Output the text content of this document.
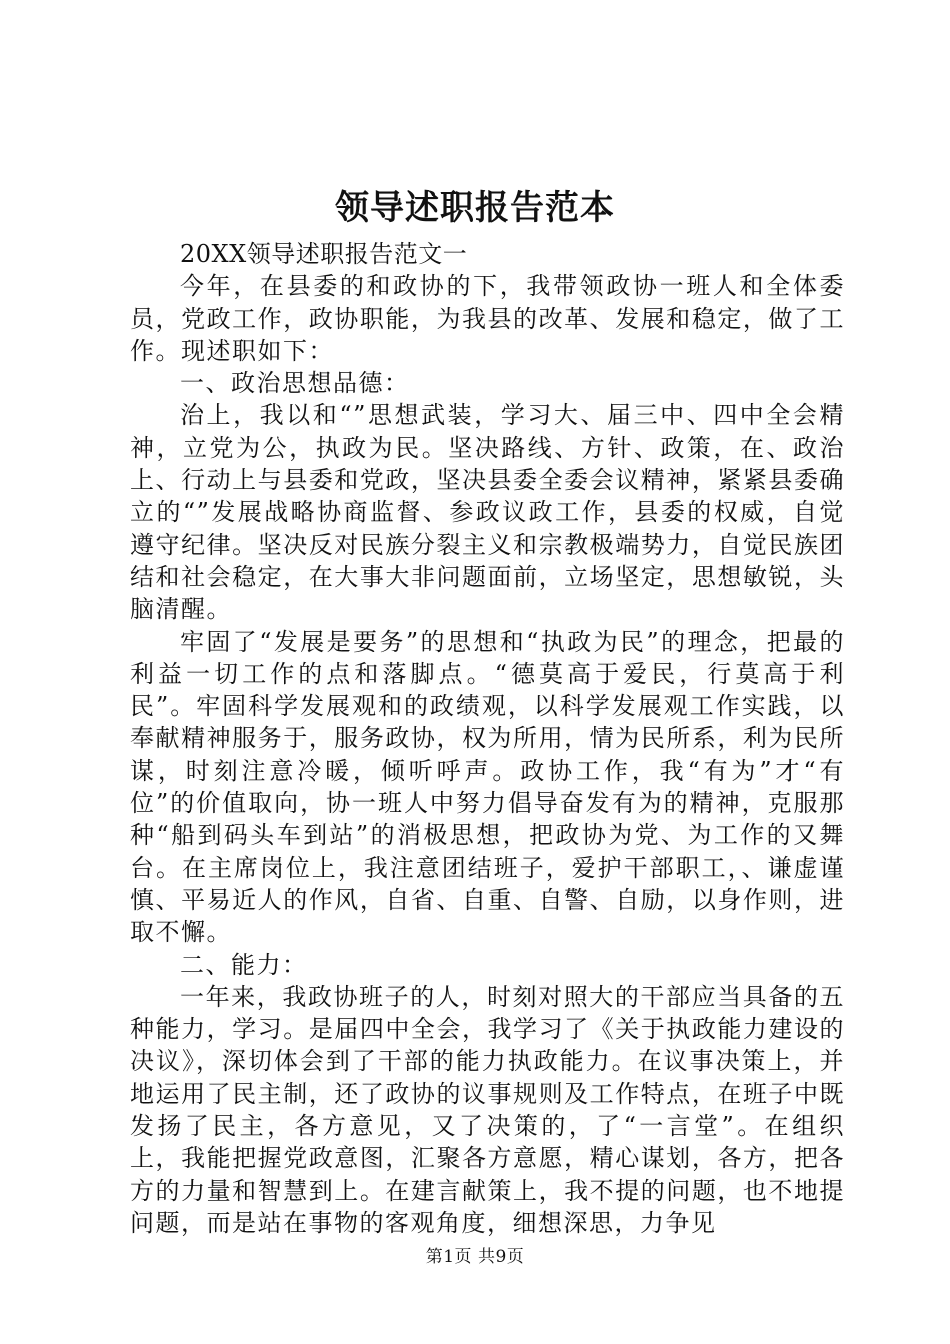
领导述职报告范本

20XX领导述职报告范文一

今年，在县委的和政协的下，我带领政协一班人和全体委员，党政工作，政协职能，为我县的改革、发展和稳定，做了工作。现述职如下：

一、政治思想品德：

治上，我以和“”思想武装，学习大、届三中、四中全会精神，立党为公，执政为民。坚决路线、方针、政策，在、政治上、行动上与县委和党政，坚决县委全委会议精神，紧紧县委确立的“”发展战略协商监督、参政议政工作，县委的权威，自觉遵守纪律。坚决反对民族分裂主义和宗教极端势力，自觉民族团结和社会稳定，在大事大非问题面前，立场坚定，思想敏锐，头脑清醒。

牢固了“发展是要务”的思想和“执政为民”的理念，把最的利益一切工作的点和落脚点。“德莫高于爱民，行莫高于利民”。牢固科学发展观和的政绩观，以科学发展观工作实践，以奉献精神服务于，服务政协，权为所用，情为民所系，利为民所谋，时刻注意冷暖，倾听呼声。政协工作，我“有为”才“有位”的价值取向，协一班人中努力倡导奋发有为的精神，克服那种“船到码头车到站”的消极思想，把政协为党、为工作的又舞台。在主席岗位上，我注意团结班子，爱护干部职工，、谦虚谨慎、平易近人的作风，自省、自重、自警、自励，以身作则，进取不懈。

二、能力：

一年来，我政协班子的人，时刻对照大的干部应当具备的五种能力，学习。是届四中全会，我学习了《关于执政能力建设的决议》，深切体会到了干部的能力执政能力。在议事决策上，并地运用了民主制，还了政协的议事规则及工作特点，在班子中既发扬了民主，各方意见，又了决策的，了“一言堂”。在组织上，我能把握党政意图，汇聚各方意愿，精心谋划，各方，把各方的力量和智慧到上。在建言献策上，我不提的问题，也不地提问题，而是站在事物的客观角度，细想深思，力争见

第1页 共9页
